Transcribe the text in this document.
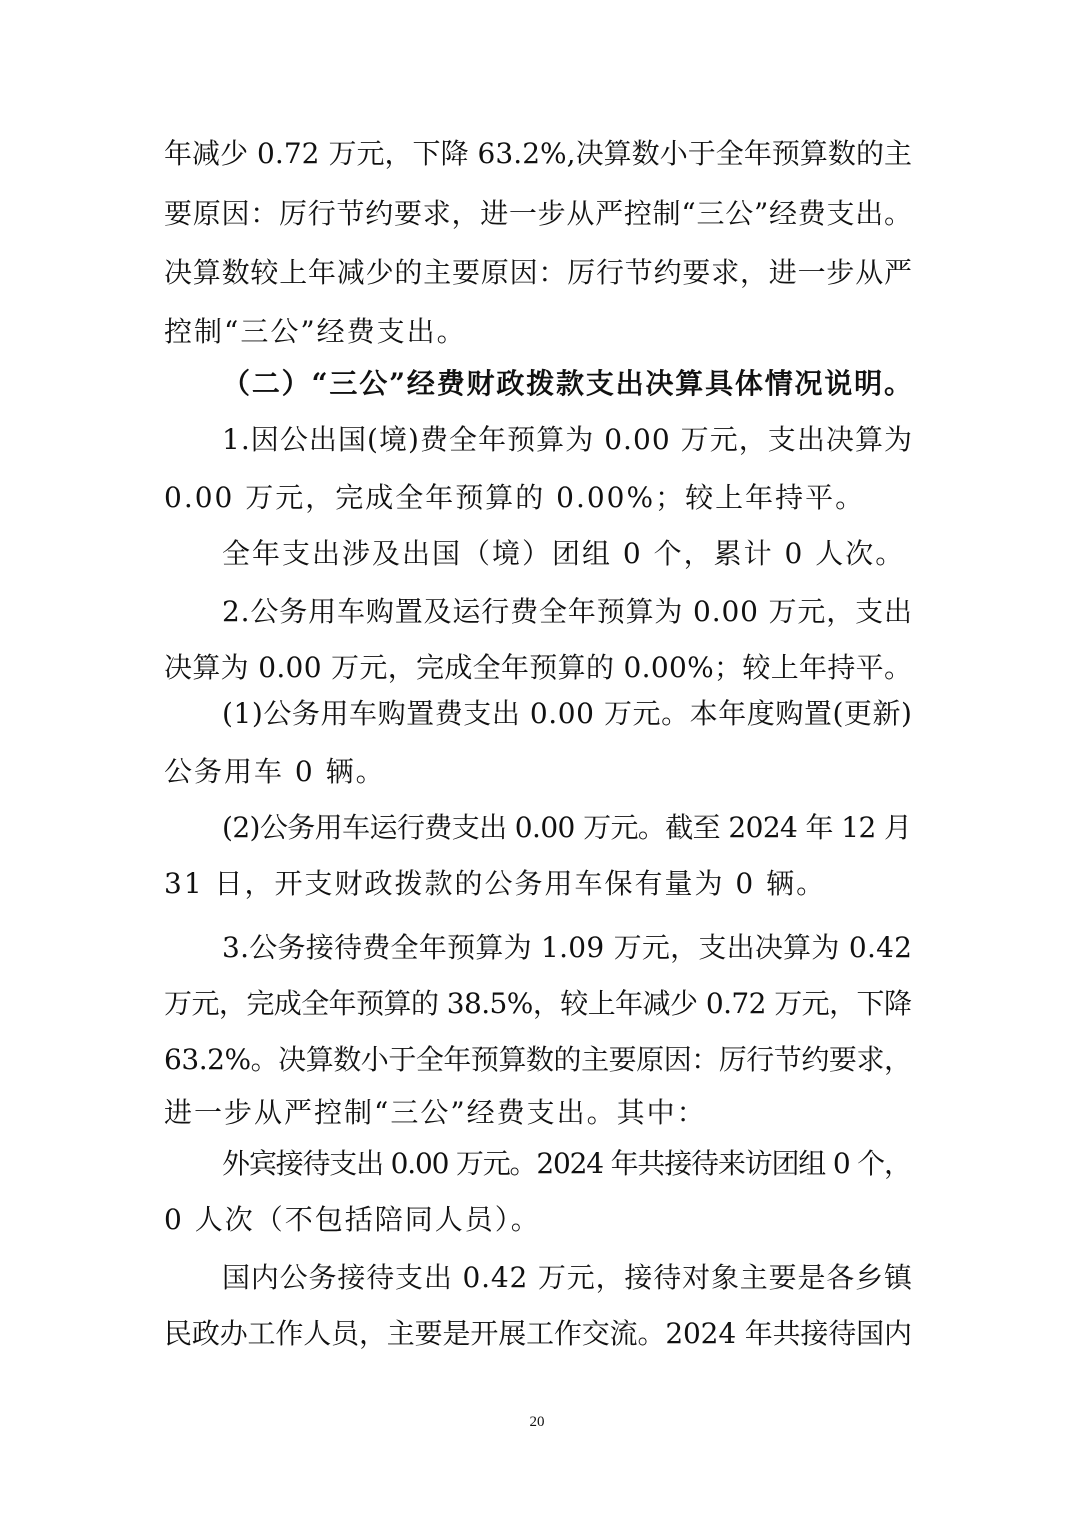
年减少 0.72 万元，下降 63.2%,决算数小于全年预算数的主
要原因：厉行节约要求，进一步从严控制“三公”经费支出。
决算数较上年减少的主要原因：厉行节约要求，进一步从严
控制“三公”经费支出。
（二）“三公”经费财政拨款支出决算具体情况说明。
1.因公出国(境)费全年预算为 0.00 万元，支出决算为
0.00 万元，完成全年预算的 0.00%；较上年持平。
全年支出涉及出国（境）团组 0 个，累计 0 人次。
2.公务用车购置及运行费全年预算为 0.00 万元，支出
决算为 0.00 万元，完成全年预算的 0.00%；较上年持平。
(1)公务用车购置费支出 0.00 万元。本年度购置(更新)
公务用车 0 辆。
(2)公务用车运行费支出 0.00 万元。截至 2024 年 12 月
31 日，开支财政拨款的公务用车保有量为 0 辆。
3.公务接待费全年预算为 1.09 万元，支出决算为 0.42
万元，完成全年预算的 38.5%，较上年减少 0.72 万元，下降
63.2%。决算数小于全年预算数的主要原因：厉行节约要求，
进一步从严控制“三公”经费支出。其中：
外宾接待支出 0.00 万元。2024 年共接待来访团组 0 个，
0 人次（不包括陪同人员）。
国内公务接待支出 0.42 万元，接待对象主要是各乡镇
民政办工作人员，主要是开展工作交流。2024 年共接待国内
20
